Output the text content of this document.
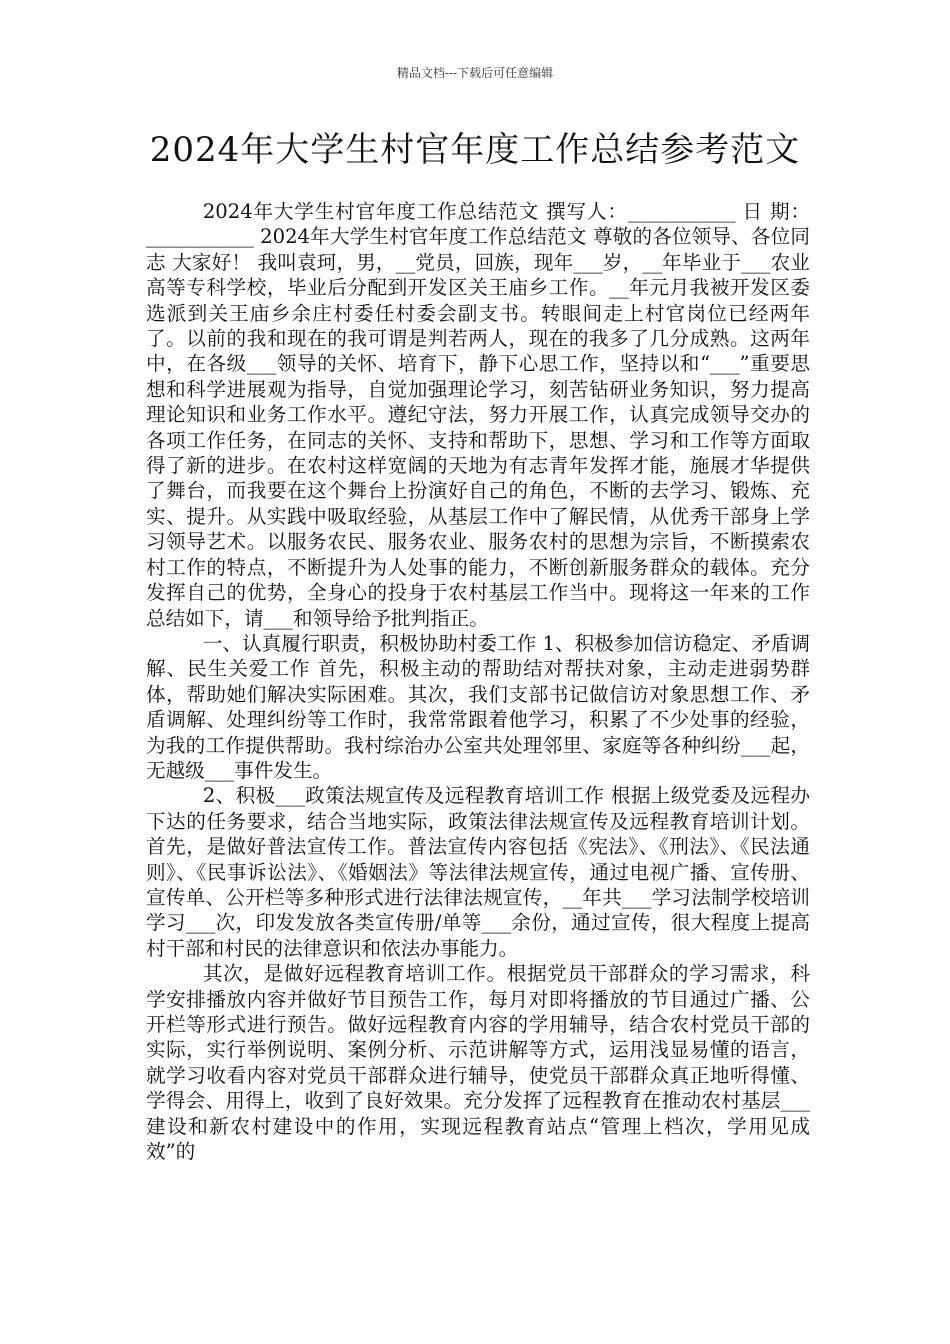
精品文档---下载后可任意编辑
2024年大学生村官年度工作总结参考范文

2024年大学生村官年度工作总结范文 撰写人：___________ 日 期：___________ 2024年大学生村官年度工作总结范文 尊敬的各位领导、各位同志 大家好！ 我叫袁珂，男，__党员，回族，现年___岁，__年毕业于___农业高等专科学校，毕业后分配到开发区关王庙乡工作。__年元月我被开发区委选派到关王庙乡余庄村委任村委会副支书。转眼间走上村官岗位已经两年了。以前的我和现在的我可谓是判若两人，现在的我多了几分成熟。这两年中，在各级___领导的关怀、培育下，静下心思工作，坚持以和“___”重要思想和科学进展观为指导，自觉加强理论学习，刻苦钻研业务知识，努力提高理论知识和业务工作水平。遵纪守法，努力开展工作，认真完成领导交办的各项工作任务，在同志的关怀、支持和帮助下，思想、学习和工作等方面取得了新的进步。在农村这样宽阔的天地为有志青年发挥才能，施展才华提供了舞台，而我要在这个舞台上扮演好自己的角色，不断的去学习、锻炼、充实、提升。从实践中吸取经验，从基层工作中了解民情，从优秀干部身上学习领导艺术。以服务农民、服务农业、服务农村的思想为宗旨，不断摸索农村工作的特点，不断提升为人处事的能力，不断创新服务群众的载体。充分发挥自己的优势，全身心的投身于农村基层工作当中。现将这一年来的工作总结如下，请___和领导给予批判指正。

一、认真履行职责，积极协助村委工作 1、积极参加信访稳定、矛盾调解、民生关爱工作 首先，积极主动的帮助结对帮扶对象，主动走进弱势群体，帮助她们解决实际困难。其次，我们支部书记做信访对象思想工作、矛盾调解、处理纠纷等工作时，我常常跟着他学习，积累了不少处事的经验，为我的工作提供帮助。我村综治办公室共处理邻里、家庭等各种纠纷___起，无越级___事件发生。

2、积极___政策法规宣传及远程教育培训工作 根据上级党委及远程办下达的任务要求，结合当地实际，政策法律法规宣传及远程教育培训计划。首先，是做好普法宣传工作。普法宣传内容包括《宪法》、《刑法》、《民法通则》、《民事诉讼法》、《婚姻法》等法律法规宣传，通过电视广播、宣传册、宣传单、公开栏等多种形式进行法律法规宣传，__年共___学习法制学校培训学习___次，印发发放各类宣传册/单等___余份，通过宣传，很大程度上提高村干部和村民的法律意识和依法办事能力。

其次，是做好远程教育培训工作。根据党员干部群众的学习需求，科学安排播放内容并做好节目预告工作，每月对即将播放的节目通过广播、公开栏等形式进行预告。做好远程教育内容的学用辅导，结合农村党员干部的实际，实行举例说明、案例分析、示范讲解等方式，运用浅显易懂的语言，就学习收看内容对党员干部群众进行辅导，使党员干部群众真正地听得懂、学得会、用得上，收到了良好效果。充分发挥了远程教育在推动农村基层___建设和新农村建设中的作用，实现远程教育站点“管理上档次，学用见成效”的
